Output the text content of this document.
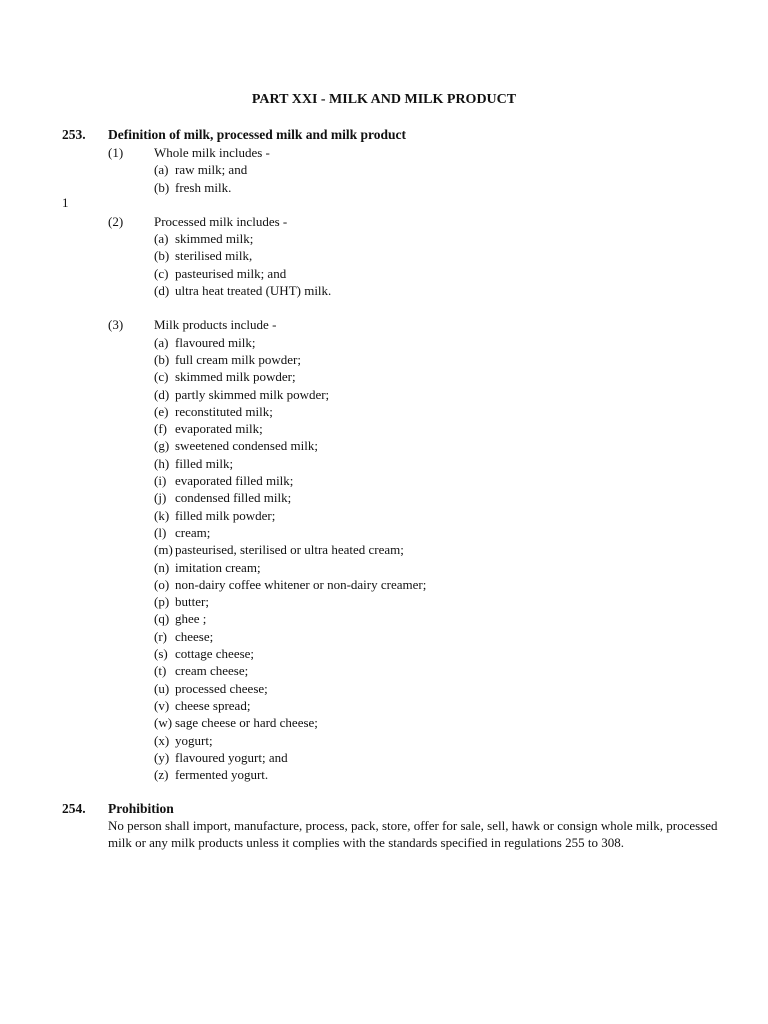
PART XXI - MILK AND MILK PRODUCT
1
253. Definition of milk, processed milk and milk product
(1) Whole milk includes -
(a) raw milk; and
(b) fresh milk.
(2) Processed milk includes -
(a) skimmed milk;
(b) sterilised milk,
(c) pasteurised milk; and
(d) ultra heat treated (UHT) milk.
(3) Milk products include -
(a) flavoured milk;
(b) full cream milk powder;
(c) skimmed milk powder;
(d) partly skimmed milk powder;
(e) reconstituted milk;
(f) evaporated milk;
(g) sweetened condensed milk;
(h) filled milk;
(i) evaporated filled milk;
(j) condensed filled milk;
(k) filled milk powder;
(l) cream;
(m) pasteurised, sterilised or ultra heated cream;
(n) imitation cream;
(o) non-dairy coffee whitener or non-dairy creamer;
(p) butter;
(q) ghee ;
(r) cheese;
(s) cottage cheese;
(t) cream cheese;
(u) processed cheese;
(v) cheese spread;
(w) sage cheese or hard cheese;
(x) yogurt;
(y) flavoured yogurt; and
(z) fermented yogurt.
254. Prohibition
No person shall import, manufacture, process, pack, store, offer for sale, sell, hawk or consign whole milk, processed milk or any milk products unless it complies with the standards specified in regulations 255 to 308.
